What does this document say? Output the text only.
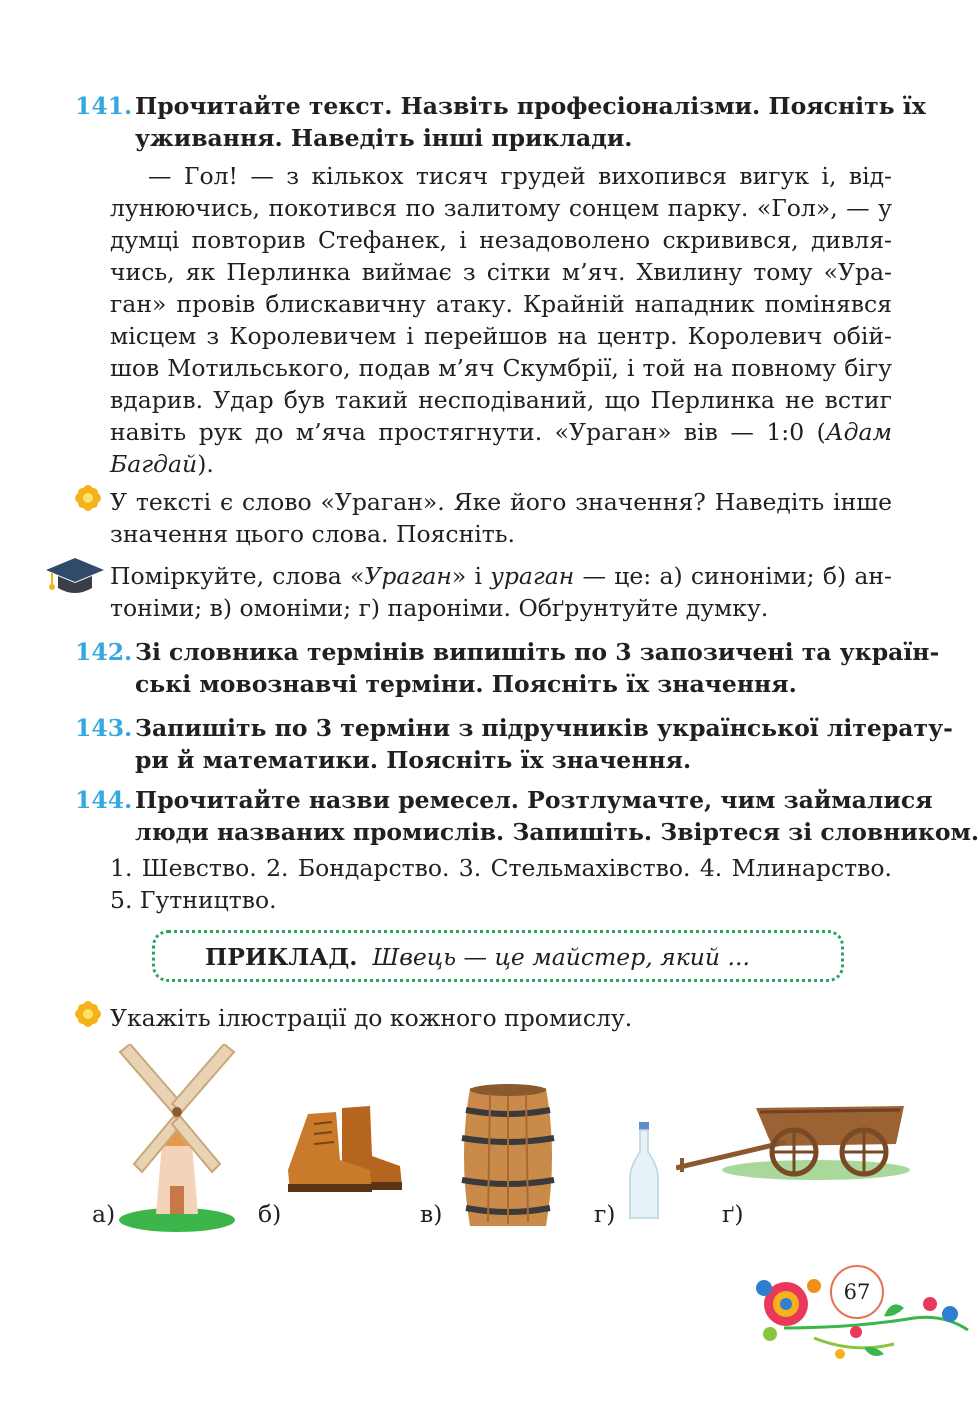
141. Прочитайте текст. Назвіть професіоналізми. Поясніть їх
уживання. Наведіть інші приклади.
— Гол! — з кількох тисяч грудей вихопився вигук і, від-
лунюючись, покотився по залитому сонцем парку. «Гол», — у
думці повторив Стефанек, і незадоволено скривився, дивля-
чись, як Перлинка виймає з сітки м’яч. Хвилину тому «Ура-
ган» провів блискавичну атаку. Крайній нападник помінявся
місцем з Королевичем і перейшов на центр. Королевич обій-
шов Мотильського, подав м’яч Скумбрії, і той на повному бігу
вдарив. Удар був такий несподіваний, що Перлинка не встиг
навіть рук до м’яча простягнути. «Ураган» вів — 1:0 (Адам
Багдай).
У тексті є слово «Ураган». Яке його значення? Наведіть інше
значення цього слова. Поясніть.
Поміркуйте, слова «Ураган» і ураган — це: а) синоніми; б) ан-
тоніми; в) омоніми; г) пароніми. Обґрунтуйте думку.
142. Зі словника термінів випишіть по 3 запозичені та україн-
ські мовознавчі терміни. Поясніть їх значення.
143. Запишіть по 3 терміни з підручників української літерату-
ри й математики. Поясніть їх значення.
144. Прочитайте назви ремесел. Розтлумачте, чим займалися
люди названих промислів. Запишіть. Звіртеся зі словником.
1. Шевство. 2. Бондарство. 3. Стельмахівство. 4. Млинарство.
5. Гутництво.
ПРИКЛАД. Швець — це майстер, який ...
Укажіть ілюстрації до кожного промислу.
а)	б)	в)	г)	ґ)
67
